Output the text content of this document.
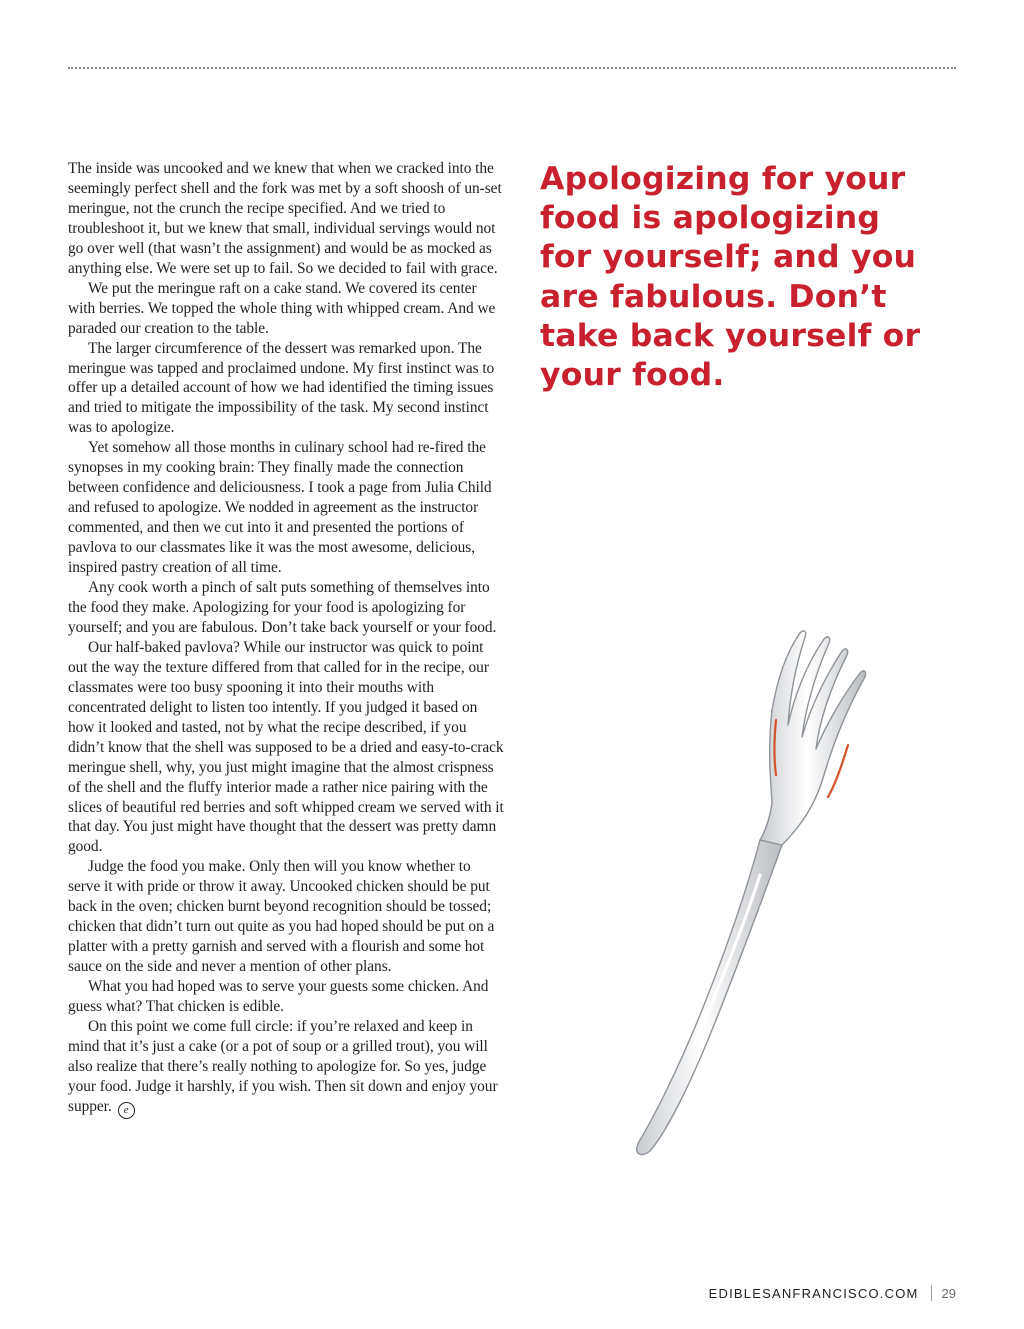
The inside was uncooked and we knew that when we cracked into the seemingly perfect shell and the fork was met by a soft shoosh of un-set meringue, not the crunch the recipe specified. And we tried to troubleshoot it, but we knew that small, individual servings would not go over well (that wasn’t the assignment) and would be as mocked as anything else. We were set up to fail. So we decided to fail with grace.

We put the meringue raft on a cake stand. We covered its center with berries. We topped the whole thing with whipped cream. And we paraded our creation to the table.

The larger circumference of the dessert was remarked upon. The meringue was tapped and proclaimed undone. My first instinct was to offer up a detailed account of how we had identified the timing issues and tried to mitigate the impossibility of the task. My second instinct was to apologize.

Yet somehow all those months in culinary school had re-fired the synopses in my cooking brain: They finally made the connection between confidence and deliciousness. I took a page from Julia Child and refused to apologize. We nodded in agreement as the instructor commented, and then we cut into it and presented the portions of pavlova to our classmates like it was the most awesome, delicious, inspired pastry creation of all time.

Any cook worth a pinch of salt puts something of themselves into the food they make. Apologizing for your food is apologizing for yourself; and you are fabulous. Don’t take back yourself or your food.

Our half-baked pavlova? While our instructor was quick to point out the way the texture differed from that called for in the recipe, our classmates were too busy spooning it into their mouths with concentrated delight to listen too intently. If you judged it based on how it looked and tasted, not by what the recipe described, if you didn’t know that the shell was supposed to be a dried and easy-to-crack meringue shell, why, you just might imagine that the almost crispness of the shell and the fluffy interior made a rather nice pairing with the slices of beautiful red berries and soft whipped cream we served with it that day. You just might have thought that the dessert was pretty damn good.

Judge the food you make. Only then will you know whether to serve it with pride or throw it away. Uncooked chicken should be put back in the oven; chicken burnt beyond recognition should be tossed; chicken that didn’t turn out quite as you had hoped should be put on a platter with a pretty garnish and served with a flourish and some hot sauce on the side and never a mention of other plans.

What you had hoped was to serve your guests some chicken. And guess what? That chicken is edible.

On this point we come full circle: if you’re relaxed and keep in mind that it’s just a cake (or a pot of soup or a grilled trout), you will also realize that there’s really nothing to apologize for. So yes, judge your food. Judge it harshly, if you wish. Then sit down and enjoy your supper. e

Apologizing for your food is apologizing for yourself; and you are fabulous. Don’t take back yourself or your food.
EDIBLESANFRANCISCO.COM 29
